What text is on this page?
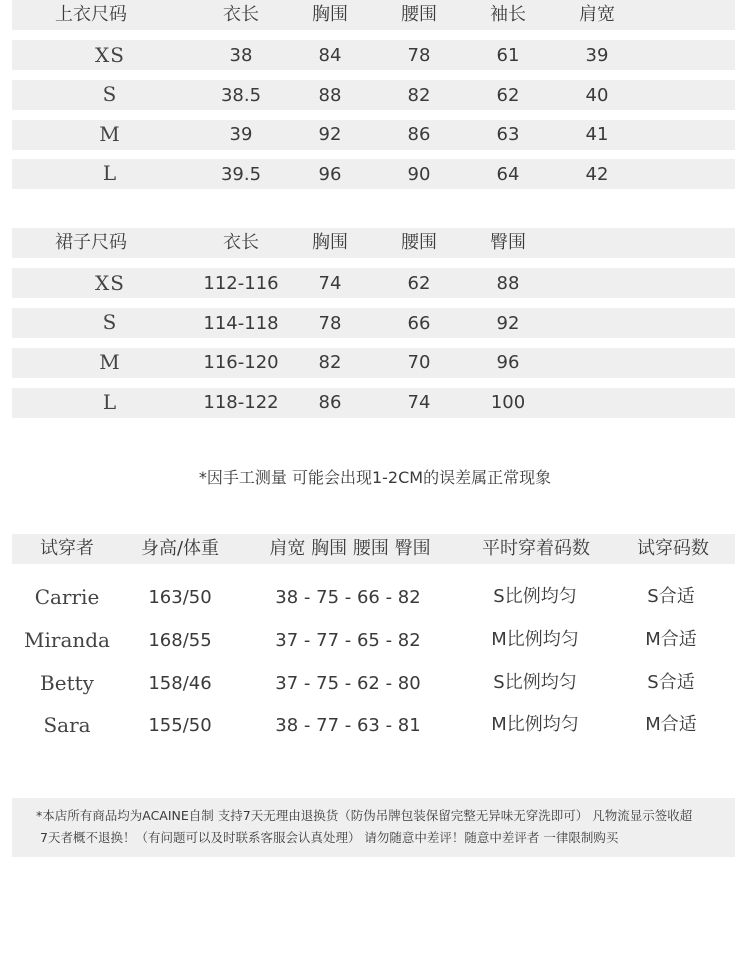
上衣尺码	衣长	胸围	腰围	袖长	肩宽
XS	38	84	78	61	39
S	38.5	88	82	62	40
M	39	92	86	63	41
L	39.5	96	90	64	42
裙子尺码	衣长	胸围	腰围	臀围
XS	112-116 74	62	88
S	114-118 78	66	92
M	116-120 82	70	96
L	118-122 86	74	100
*因手工测量 可能会出现1-2CM的误差属正常现象
试穿者	身高/体重	肩宽 胸围 腰围 臀围	平时穿着码数	试穿码数
Carrie	163/50	38 - 75 - 66 - 82	S比例均匀	S合适
Miranda 168/55	37 - 77 - 65 - 82	M比例均匀	M合适
Betty	158/46	37 - 75 - 62 - 80	S比例均匀	S合适
Sara	155/50	38 - 77 - 63 - 81	M比例均匀	M合适

*本店所有商品均为ACAINE自制 支持7天无理由退换货（防伪吊牌包装保留完整无异味无穿洗即可） 凡物流显示签收超

7天者概不退换！（有问题可以及时联系客服会认真处理） 请勿随意中差评！随意中差评者 一律限制购买
